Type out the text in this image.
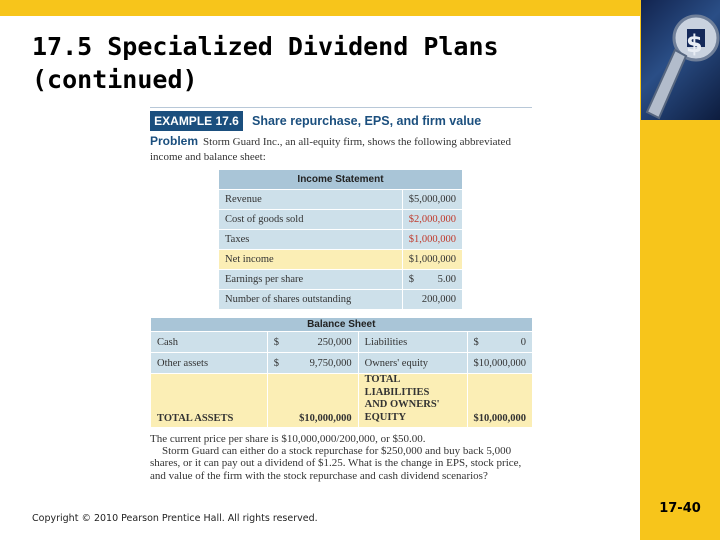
$
17.5 Specialized Dividend Plans
(continued)
EXAMPLE 17.6	Share repurchase, EPS, and firm value
Problem Storm Guard Inc., an all-equity firm, shows the following abbreviated income and balance sheet:
Income Statement	
Revenue	$5,000,000
Cost of goods sold	$2,000,000
Taxes	$1,000,000
Net income	$1,000,000
Earnings per share	$ 5.00
Number of shares outstanding	200,000
Balance Sheet			
Cash	$ 250,000	Liabilities	$ 0
Other assets	$ 9,750,000	Owners' equity	$10,000,000
TOTAL ASSETS	$10,000,000	TOTAL LIABILITIES
AND OWNERS'
EQUITY	$10,000,000

The current price per share is $10,000,000/200,000, or $50.00.

Storm Guard can either do a stock repurchase for $250,000 and buy back 5,000 shares, or it can pay out a dividend of $1.25. What is the change in EPS, stock price, and value of the firm with the stock repurchase and cash dividend scenarios?

Copyright © 2010 Pearson Prentice Hall. All rights reserved.
17-40
